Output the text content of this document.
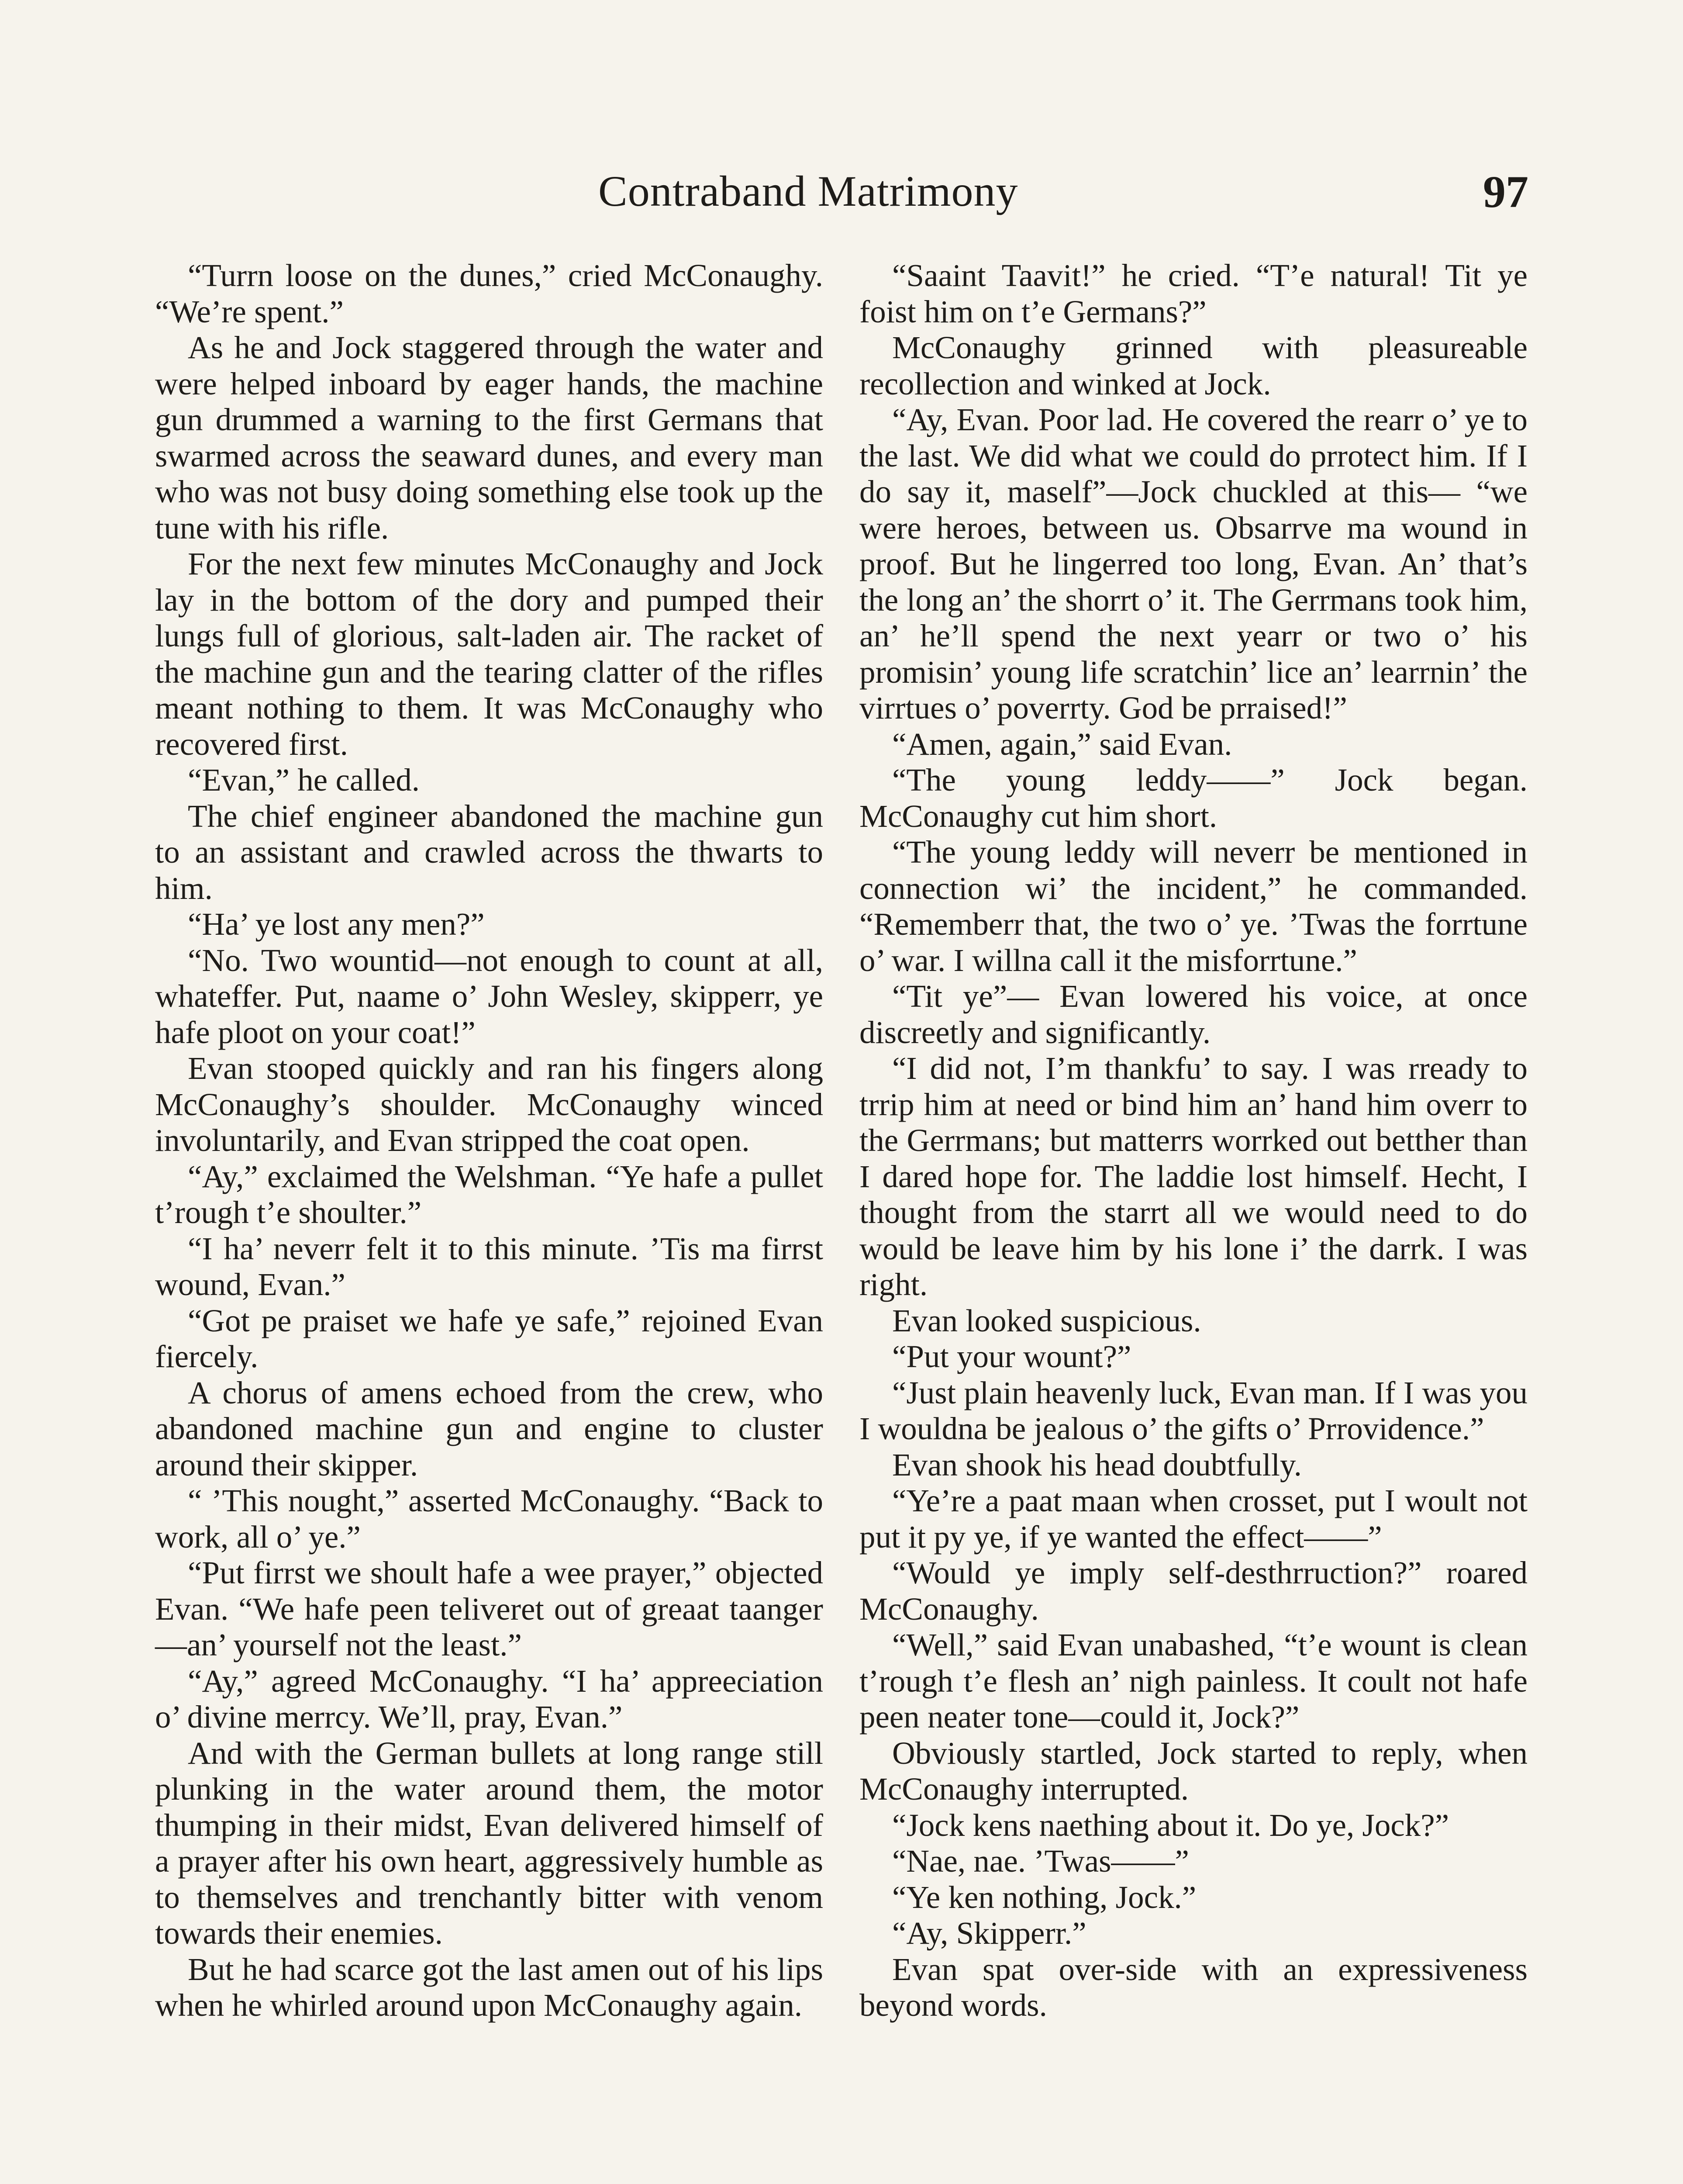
Contraband Matrimony	97

“Turrn loose on the dunes,” cried McConaughy. “We’re spent.”

As he and Jock staggered through the water and were helped inboard by eager hands, the machine gun drummed a warning to the first Germans that swarmed across the seaward dunes, and every man who was not busy doing something else took up the tune with his rifle.

For the next few minutes McConaughy and Jock lay in the bottom of the dory and pumped their lungs full of glorious, salt-laden air. The racket of the machine gun and the tearing clatter of the rifles meant nothing to them. It was McConaughy who recovered first.

“Evan,” he called.

The chief engineer abandoned the machine gun to an assistant and crawled across the thwarts to him.

“Ha’ ye lost any men?”

“No. Two wountid—not enough to count at all, whateffer. Put, naame o’ John Wesley, skipperr, ye hafe ploot on your coat!”

Evan stooped quickly and ran his fingers along McConaughy’s shoulder. McConaughy winced involuntarily, and Evan stripped the coat open.

“Ay,” exclaimed the Welshman. “Ye hafe a pullet t’rough t’e shoulter.”

“I ha’ neverr felt it to this minute. ’Tis ma firrst wound, Evan.”

“Got pe praiset we hafe ye safe,” rejoined Evan fiercely.

A chorus of amens echoed from the crew, who abandoned machine gun and engine to cluster around their skipper.

“ ’This nought,” asserted McConaughy. “Back to work, all o’ ye.”

“Put firrst we shoult hafe a wee prayer,” objected Evan. “We hafe peen teliveret out of greaat taanger—an’ yourself not the least.”

“Ay,” agreed McConaughy. “I ha’ appreeciation o’ divine merrcy. We’ll, pray, Evan.”

And with the German bullets at long range still plunking in the water around them, the motor thumping in their midst, Evan delivered himself of a prayer after his own heart, aggressively humble as to themselves and trenchantly bitter with venom towards their enemies.

But he had scarce got the last amen out of his lips when he whirled around upon McConaughy again.

“Saaint Taavit!” he cried. “T’e natural! Tit ye foist him on t’e Germans?”

McConaughy grinned with pleasureable recollection and winked at Jock.

“Ay, Evan. Poor lad. He covered the rearr o’ ye to the last. We did what we could do prrotect him. If I do say it, maself”—Jock chuckled at this— “we were heroes, between us. Obsarrve ma wound in proof. But he lingerred too long, Evan. An’ that’s the long an’ the shorrt o’ it. The Gerrmans took him, an’ he’ll spend the next yearr or two o’ his promisin’ young life scratchin’ lice an’ learrnin’ the virrtues o’ poverrty. God be prraised!”

“Amen, again,” said Evan.

“The young leddy——” Jock began. McConaughy cut him short.

“The young leddy will neverr be mentioned in connection wi’ the incident,” he commanded. “Rememberr that, the two o’ ye. ’Twas the forrtune o’ war. I willna call it the misforrtune.”

“Tit ye”— Evan lowered his voice, at once discreetly and significantly.

“I did not, I’m thankfu’ to say. I was rready to trrip him at need or bind him an’ hand him overr to the Gerrmans; but matterrs worrked out betther than I dared hope for. The laddie lost himself. Hecht, I thought from the starrt all we would need to do would be leave him by his lone i’ the darrk. I was right.

Evan looked suspicious.

“Put your wount?”

“Just plain heavenly luck, Evan man. If I was you I wouldna be jealous o’ the gifts o’ Prrovidence.”

Evan shook his head doubtfully.

“Ye’re a paat maan when crosset, put I woult not put it py ye, if ye wanted the effect——”

“Would ye imply self-desthrruction?” roared McConaughy.

“Well,” said Evan unabashed, “t’e wount is clean t’rough t’e flesh an’ nigh painless. It coult not hafe peen neater tone—could it, Jock?”

Obviously startled, Jock started to reply, when McConaughy interrupted.

“Jock kens naething about it. Do ye, Jock?”

“Nae, nae. ’Twas——”

“Ye ken nothing, Jock.”

“Ay, Skipperr.”

Evan spat over-side with an expressiveness beyond words.
